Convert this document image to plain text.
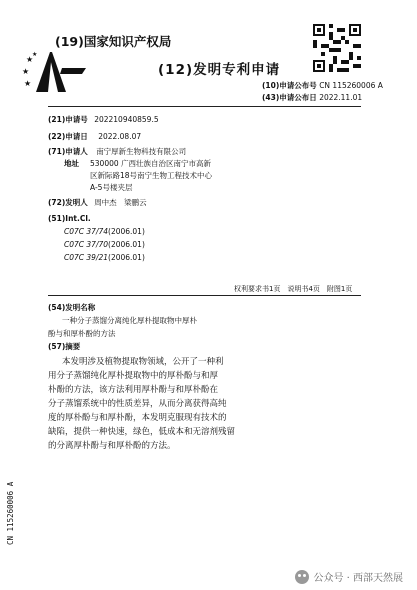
★
★
★
★
(19)国家知识产权局
(12)发明专利申请
(10)申请公布号 CN 115260006 A
(43)申请公布日 2022.11.01
(21)申请号 202210940859.5
(22)申请日 2022.08.07
(71)申请人 南宁厚新生物科技有限公司
地址 530000 广西壮族自治区南宁市高新
区新际路18号南宁生物工程技术中心
A-5号楼夹层
(72)发明人 周中杰　梁鹏云
(51)Int.Cl.
C07C 37/74(2006.01)
C07C 37/70(2006.01)
C07C 39/21(2006.01)
权利要求书1页　说明书4页　附图1页
(54)发明名称
一种分子蒸馏分离纯化厚朴提取物中厚朴
酚与和厚朴酚的方法
(57)摘要
本发明涉及植物提取物领域，公开了一种利
用分子蒸馏纯化厚朴提取物中的厚朴酚与和厚
朴酚的方法，该方法利用厚朴酚与和厚朴酚在
分子蒸馏系统中的性质差异，从而分离获得高纯
度的厚朴酚与和厚朴酚，本发明克服现有技术的
缺陷，提供一种快速，绿色，低成本和无溶剂残留
的分离厚朴酚与和厚朴酚的方法。
CN 115260006 A
公众号 · 西部天然展
